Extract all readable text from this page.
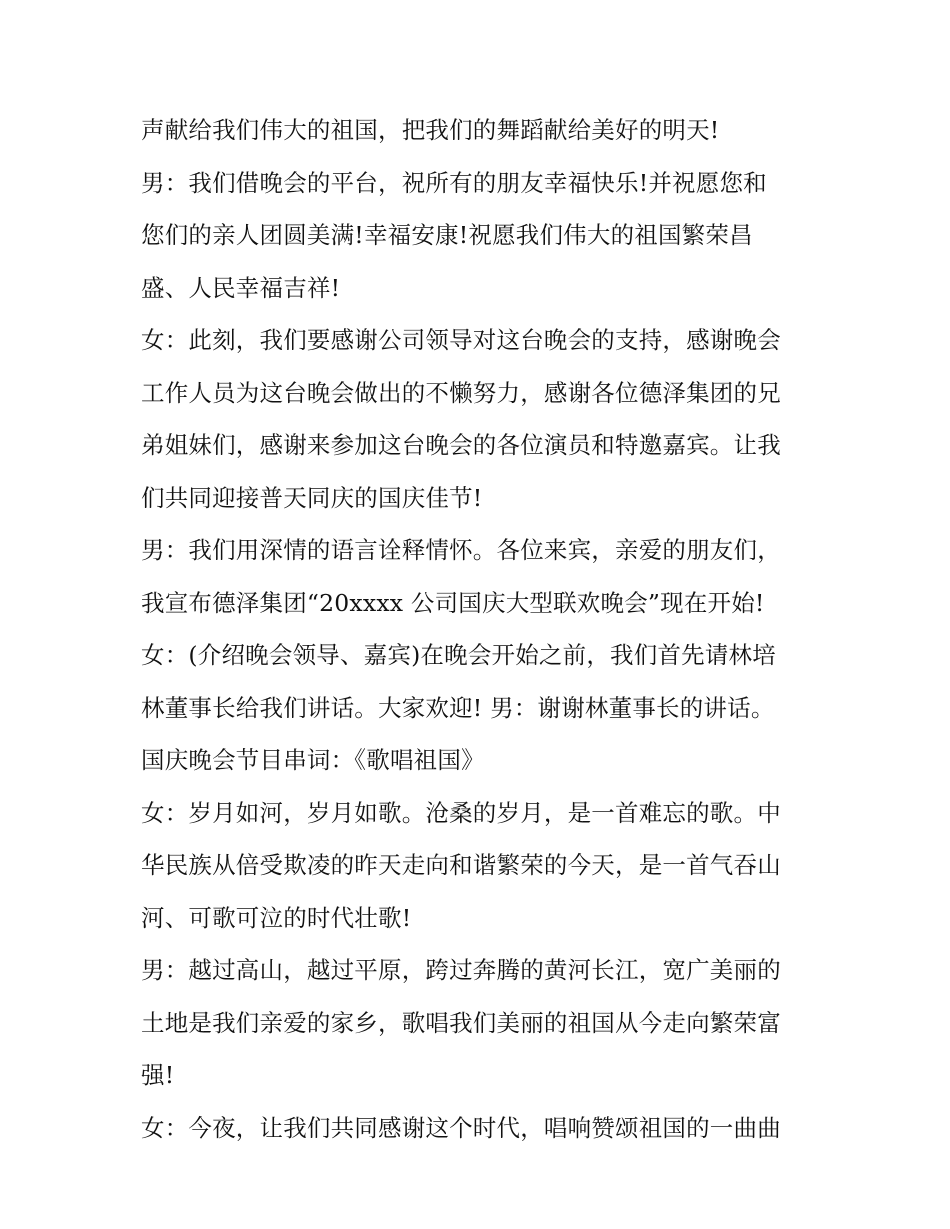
声献给我们伟大的祖国，把我们的舞蹈献给美好的明天!
男：我们借晚会的平台，祝所有的朋友幸福快乐!并祝愿您和
您们的亲人团圆美满!幸福安康!祝愿我们伟大的祖国繁荣昌
盛、人民幸福吉祥!
女：此刻，我们要感谢公司领导对这台晚会的支持，感谢晚会
工作人员为这台晚会做出的不懒努力，感谢各位德泽集团的兄
弟姐妹们，感谢来参加这台晚会的各位演员和特邀嘉宾。让我
们共同迎接普天同庆的国庆佳节!
男：我们用深情的语言诠释情怀。各位来宾，亲爱的朋友们，
我宣布德泽集团“20xxxx 公司国庆大型联欢晚会”现在开始!
女：(介绍晚会领导、嘉宾)在晚会开始之前，我们首先请林培
林董事长给我们讲话。大家欢迎! 男：谢谢林董事长的讲话。
国庆晚会节目串词：《歌唱祖国》
女：岁月如河，岁月如歌。沧桑的岁月，是一首难忘的歌。中
华民族从倍受欺凌的昨天走向和谐繁荣的今天，是一首气吞山
河、可歌可泣的时代壮歌!
男：越过高山，越过平原，跨过奔腾的黄河长江，宽广美丽的
土地是我们亲爱的家乡，歌唱我们美丽的祖国从今走向繁荣富
强!
女：今夜，让我们共同感谢这个时代，唱响赞颂祖国的一曲曲
